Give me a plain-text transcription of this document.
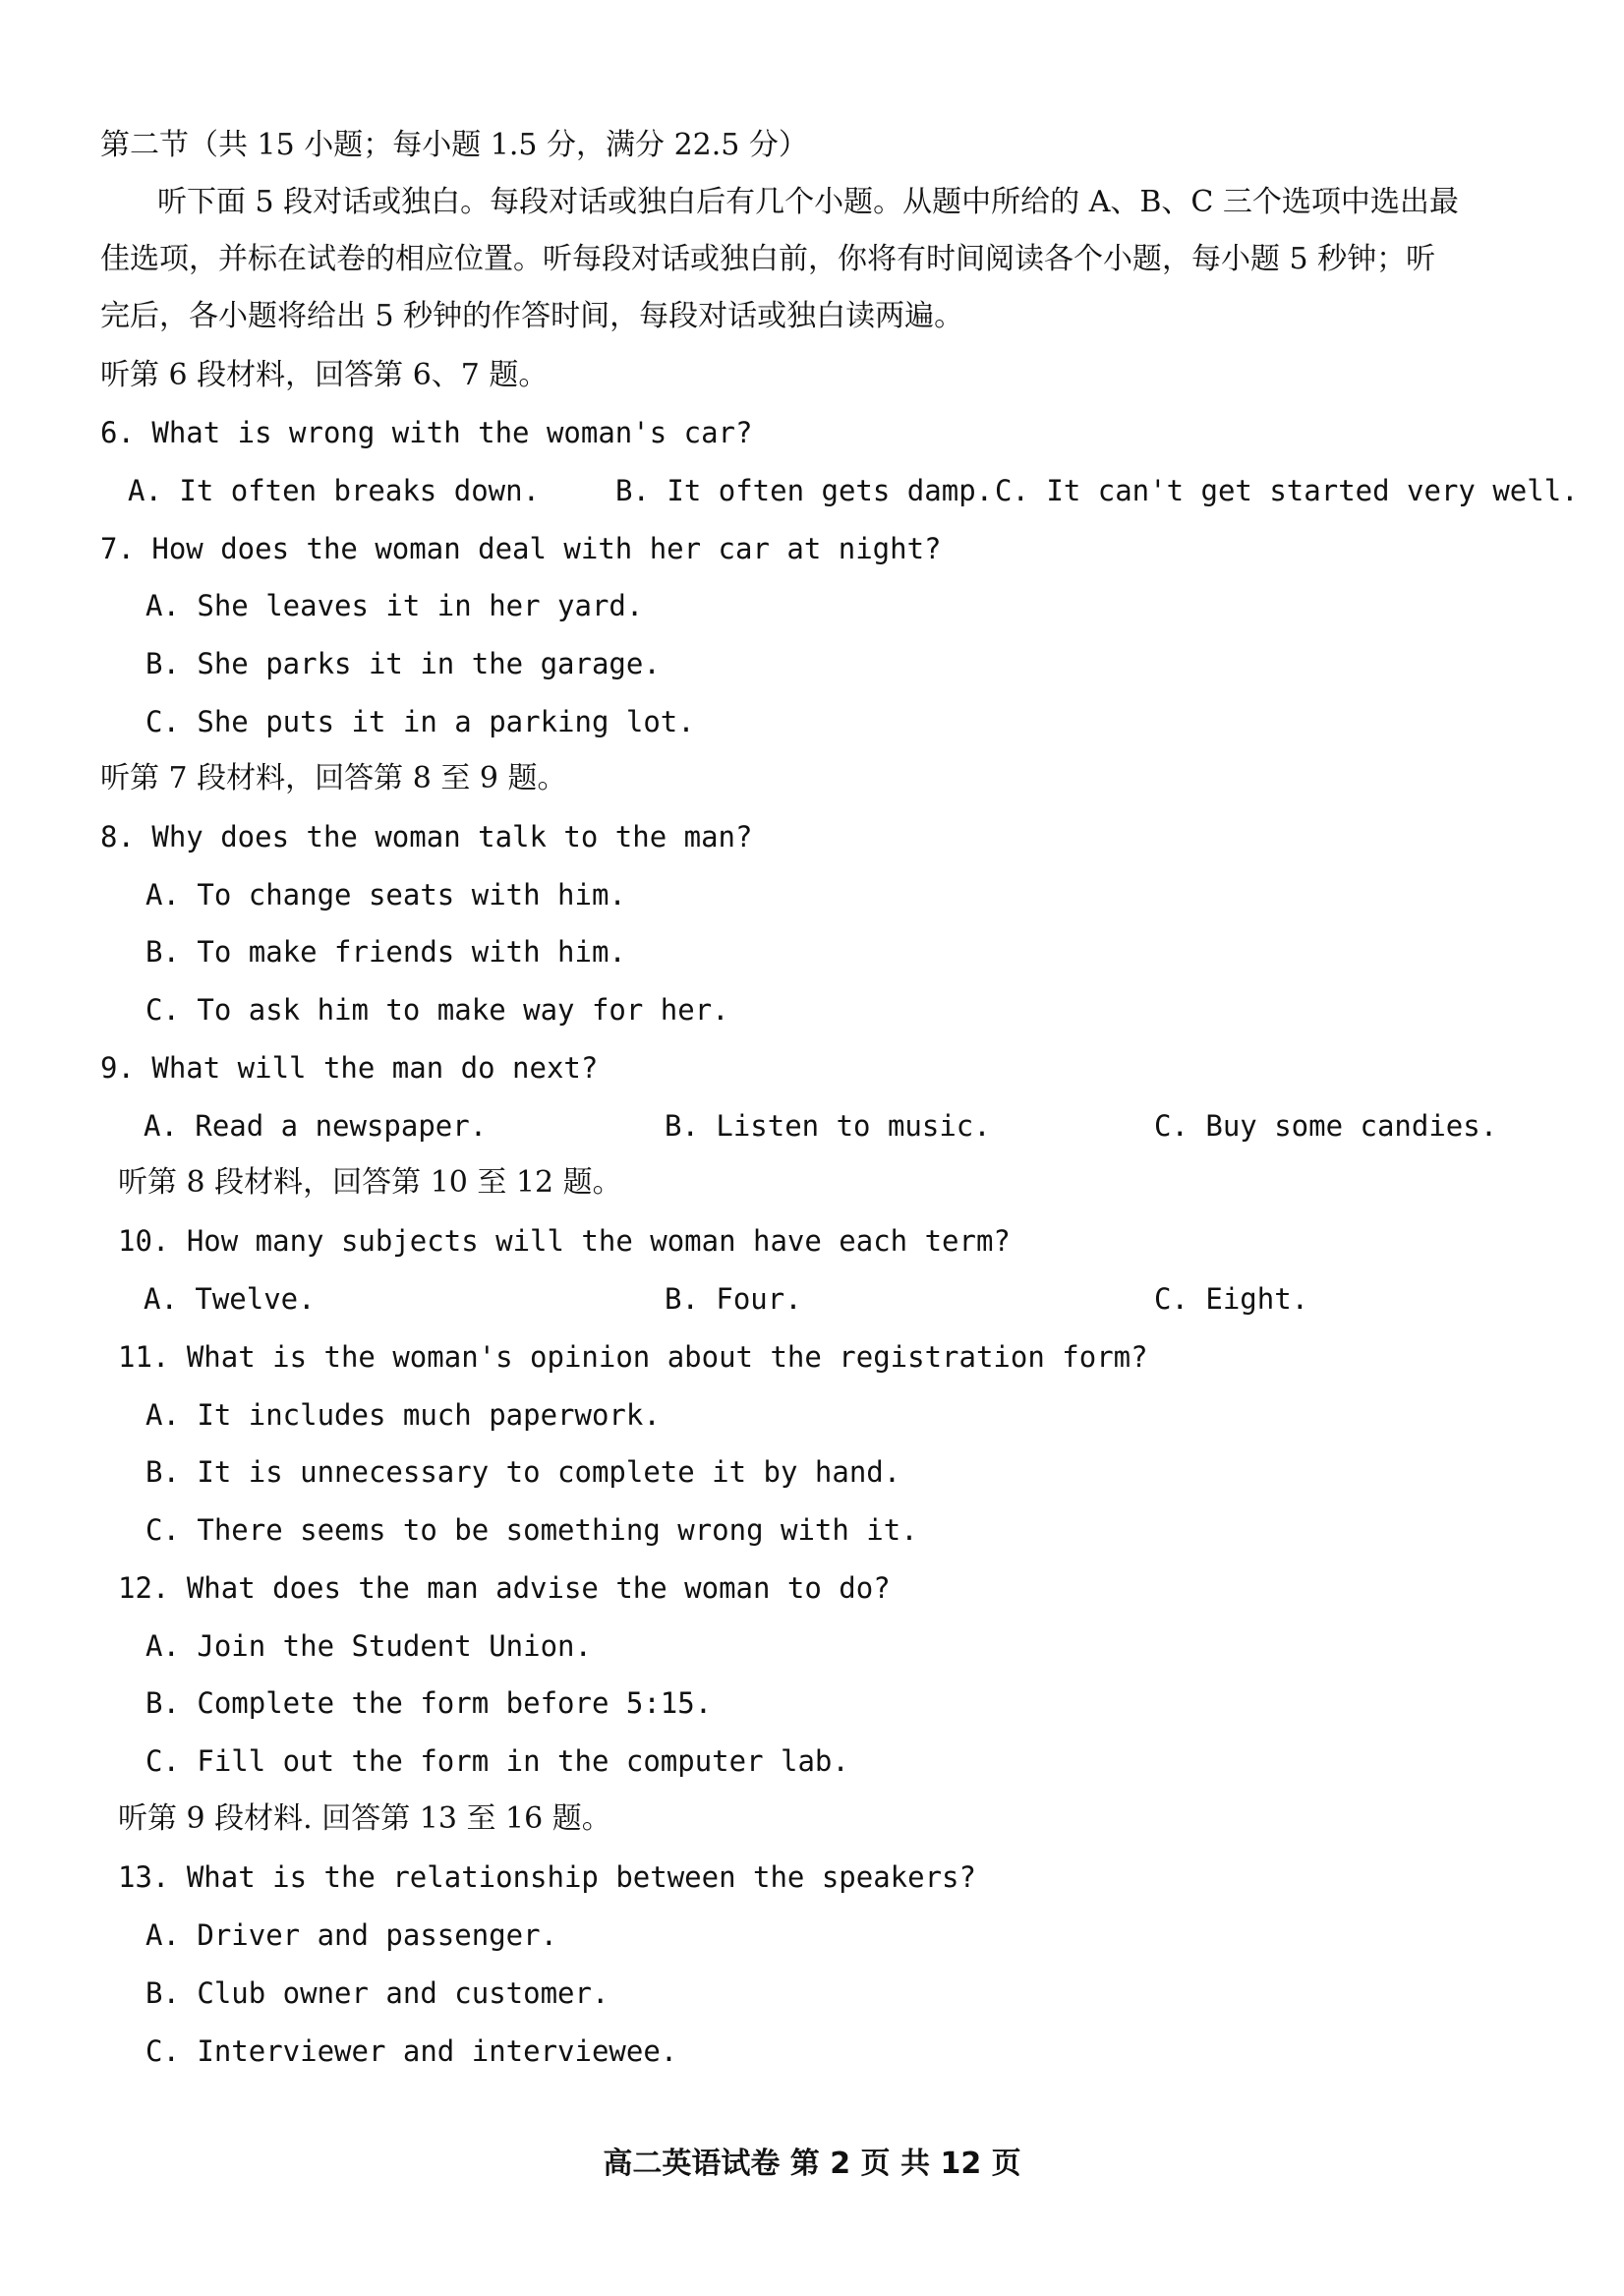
第二节（共 15 小题；每小题 1.5 分，满分 22.5 分）
听下面 5 段对话或独白。每段对话或独白后有几个小题。从题中所给的 A、B、C 三个选项中选出最
佳选项，并标在试卷的相应位置。听每段对话或独白前，你将有时间阅读各个小题，每小题 5 秒钟；听
完后，各小题将给出 5 秒钟的作答时间，每段对话或独白读两遍。
听第 6 段材料，回答第 6、7 题。
6. What is wrong with the woman's car?
A. It often breaks down.	B. It often gets damp. C. It can't get started very well.
7. How does the woman deal with her car at night?
A. She leaves it in her yard.
B. She parks it in the garage.
C. She puts it in a parking lot.
听第 7 段材料，回答第 8 至 9 题。
8. Why does the woman talk to the man?
A. To change seats with him.
B. To make friends with him.
C. To ask him to make way for her.
9. What will the man do next?
A. Read a newspaper.	B. Listen to music.	C. Buy some candies.
听第 8 段材料，回答第 10 至 12 题。
10. How many subjects will the woman have each term?
A. Twelve.	B. Four.	C. Eight.
11. What is the woman's opinion about the registration form?
A. It includes much paperwork.
B. It is unnecessary to complete it by hand.
C. There seems to be something wrong with it.
12. What does the man advise the woman to do?
A. Join the Student Union.
B. Complete the form before 5:15.
C. Fill out the form in the computer lab.
听第 9 段材料. 回答第 13 至 16 题。
13. What is the relationship between the speakers?
A. Driver and passenger.
B. Club owner and customer.
C. Interviewer and interviewee.
高二英语试卷 第 2 页 共 12 页
